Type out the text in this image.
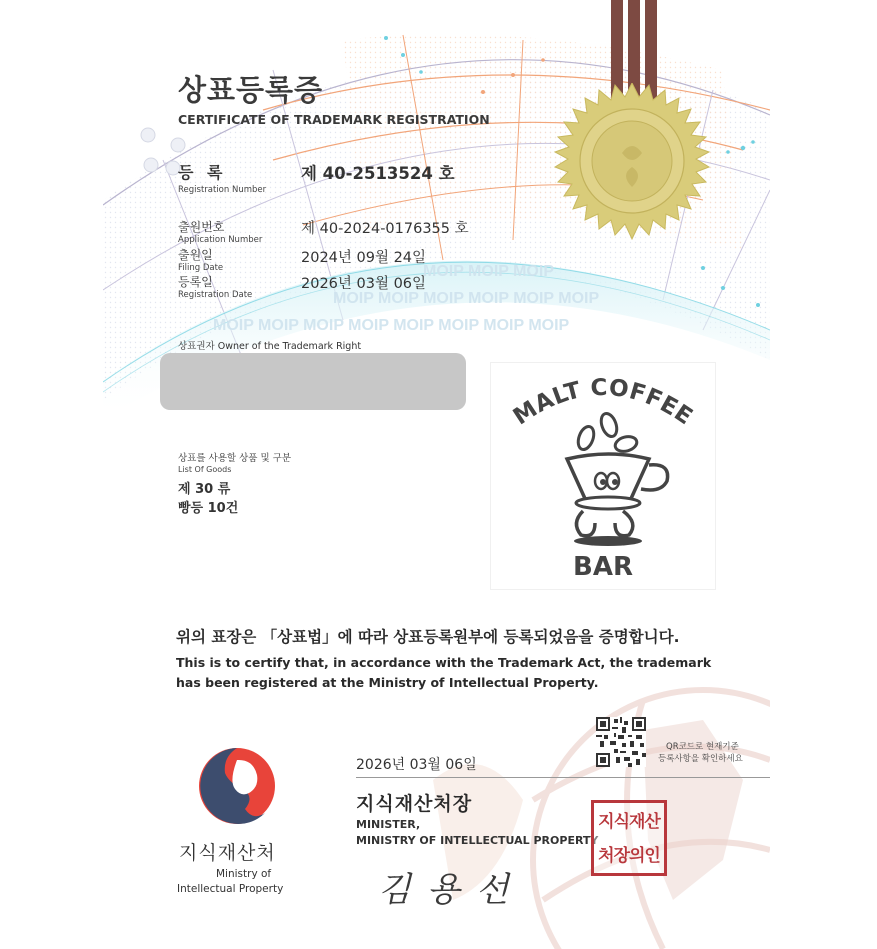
MOIP MOIP MOIP
MOIP MOIP MOIP MOIP MOIP MOIP
MOIP MOIP MOIP MOIP MOIP MOIP MOIP MOIP
상표등록증
CERTIFICATE OF TRADEMARK REGISTRATION
등 록
Registration Number
제 40-2513524 호
출원번호
Application Number
제 40-2024-0176355 호
출원일
Filing Date
2024년 09월 24일
등록일
Registration Date
2026년 03월 06일
상표권자 Owner of the Trademark Right
상표를 사용할 상품 및 구분
List Of Goods
제 30 류
빵등 10건
MALT COFFEE
BAR
위의 표장은 「상표법」에 따라 상표등록원부에 등록되었음을 증명합니다.
This is to certify that, in accordance with the Trademark Act, the trademark
has been registered at the Ministry of Intellectual Property.
QR코드로 현재기준
등록사항을 확인하세요
2026년 03월 06일
지식재산처장
MINISTER,
MINISTRY OF INTELLECTUAL PROPERTY
김용선
지식재산처장의인
지식재산처
Ministry of
Intellectual Property
